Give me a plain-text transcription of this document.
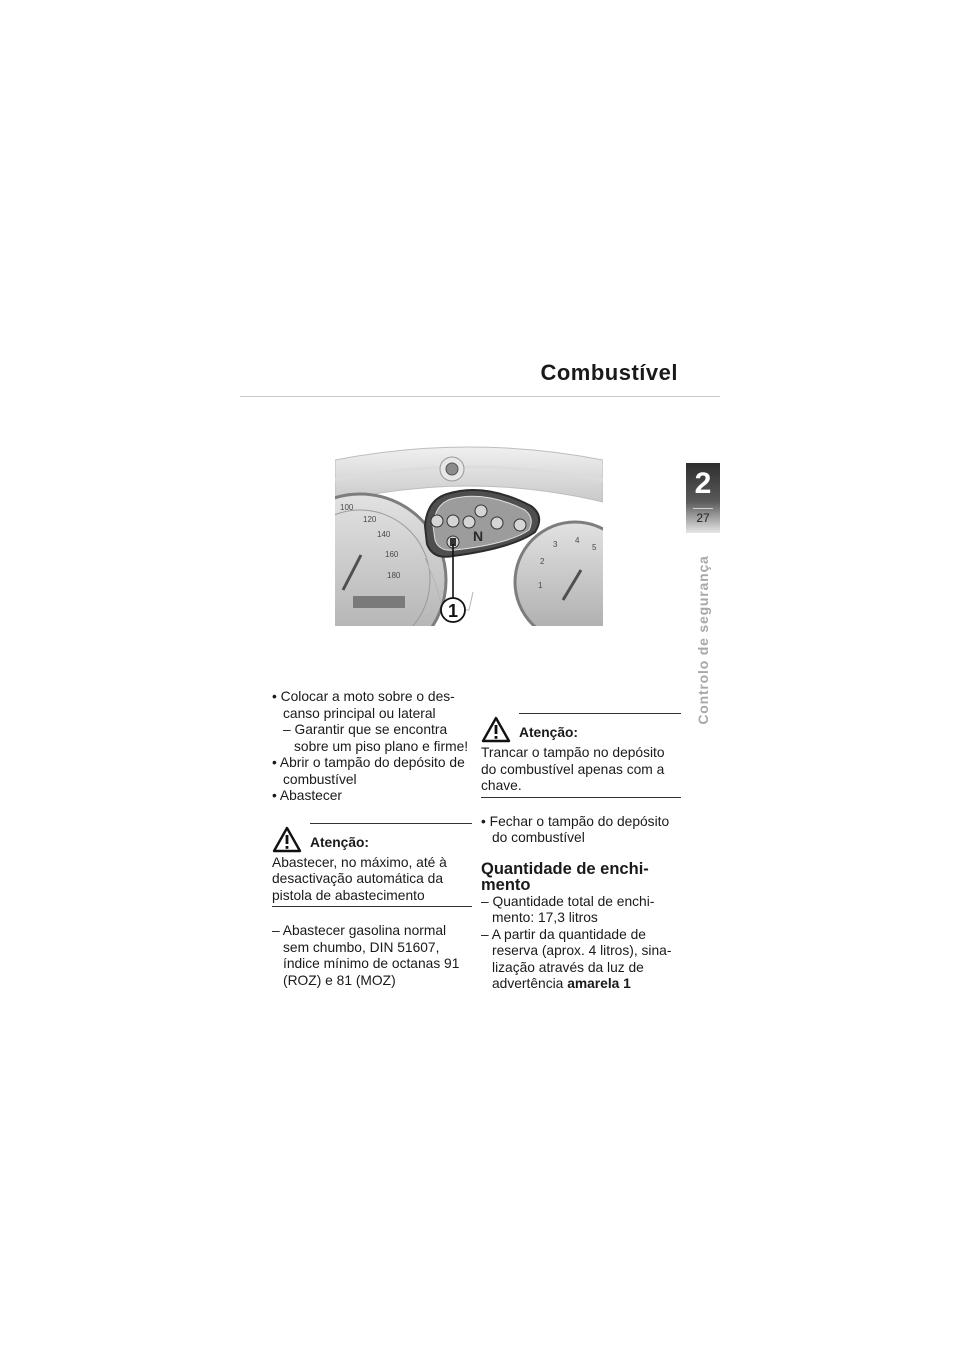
Combustível
2
27
Controlo de segurança
100
120
140
160
180
1
2
3 4
5
N
1

• Colocar a moto sobre o des-canso principal ou lateral

– Garantir que se encontra sobre um piso plano e firme!

• Abrir o tampão do depósito de combustível

• Abastecer

Atenção:

Abastecer, no máximo, até à desactivação automática da pistola de abastecimento

– Abastecer gasolina normal sem chumbo, DIN 51607, índice mínimo de octanas 91 (ROZ) e 81 (MOZ)

Atenção:

Trancar o tampão no depósito do combustível apenas com a chave.

• Fechar o tampão do depósito do combustível

Quantidade de enchi-mento

– Quantidade total de enchi-mento: 17,3 litros

– A partir da quantidade de reserva (aprox. 4 litros), sina-lização através da luz de advertência amarela 1
